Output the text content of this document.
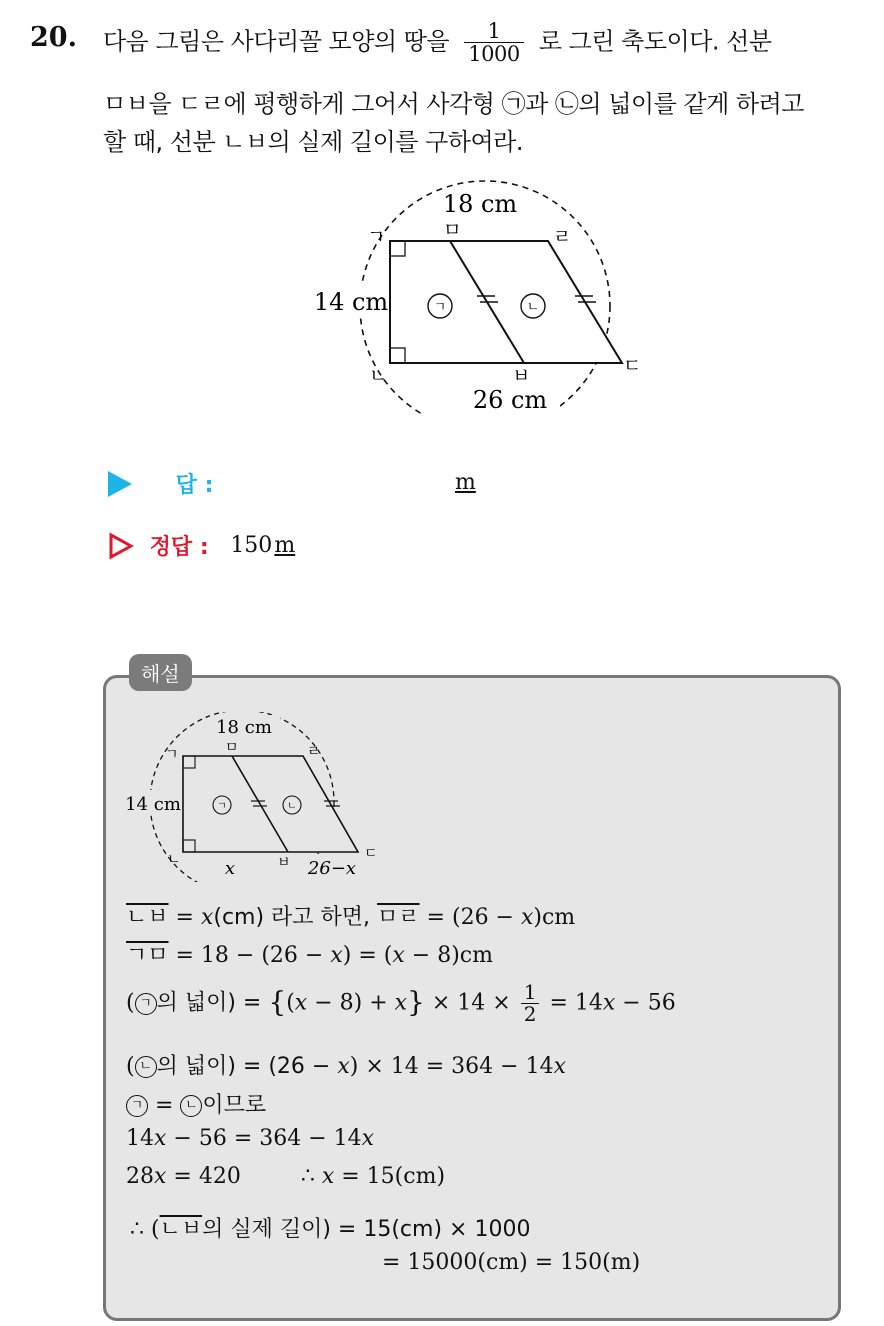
20. 다음 그림은 사다리꼴 모양의 땅을 $\frac{1}{1000}$ 로 그린 축도이다. 선분
ㅁㅂ을 ㄷㄹ에 평행하게 그어서 사각형 ㉠과 ㉡의 넓이를 같게 하려고
할 때, 선분 ㄴㅂ의 실제 길이를 구하여라.
ㄱ	ㄴ
18 cm
14 cm
26 cm
ㄱ	ㅁ	ㄹ
ㄴ	ㅂ	ㄷ
답 :	m
정답 : 150m
해설
ㄱ	ㄴ
18 cm
14 cm
x	26−x
ㄱ	ㅁ	ㄹ
ㄴ	ㅂ
ㄷ
ㄴㅂ = x(cm) 라고 하면, ㅁㄹ = (26 − x)cm
ㄱㅁ = 18 − (26 − x) = (x − 8)cm
( ㄱ 의 넓이) = $\{(x - 8) + x\} \times 14 \times \frac{1}{2} = 14x - 56$
( ㄴ 의 넓이) = (26 − x) × 14 = 364 − 14x
ㄱ = ㄴ 이므로
14x − 56 = 364 − 14x
28x = 420	∴ x = 15(cm)
∴ (ㄴㅂ의 실제 길이) = 15(cm) × 1000
= 15000(cm) = 150(m)
